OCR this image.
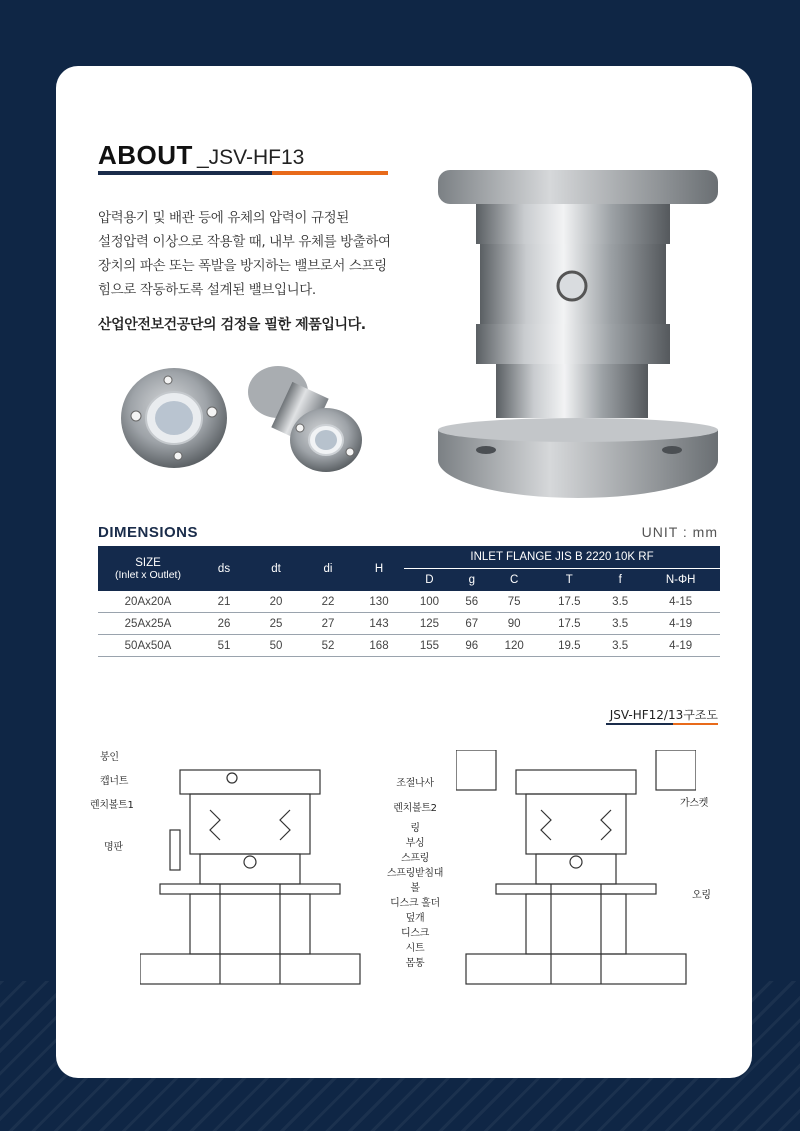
ABOUT _JSV-HF13
압력용기 및 배관 등에 유체의 압력이 규정된
설정압력 이상으로 작용할 때, 내부 유체를 방출하여
장치의 파손 또는 폭발을 방지하는 밸브로서 스프링
힘으로 작동하도록 설계된 밸브입니다.
산업안전보건공단의 검정을 필한 제품입니다.
DIMENSIONS	UNIT : mm
SIZE
(Inlet x Outlet)	ds	dt	di	H	INLET FLANGE JIS B 2220 10K RF					
					D	g	C	T	f	N-ΦH
20Ax20A	21	20	22	130	100	56	75	17.5	3.5	4-15
25Ax25A	26	25	27	143	125	67	90	17.5	3.5	4-19
50Ax50A	51	50	52	168	155	96	120	19.5	3.5	4-19
JSV-HF12/13구조도
봉인
캡너트
렌치볼트1
명판
조절나사
렌치볼트2
링
부싱
스프링
스프링받침대
볼
디스크 홀더
덮개
디스크
시트
몸통
가스켓
오링
